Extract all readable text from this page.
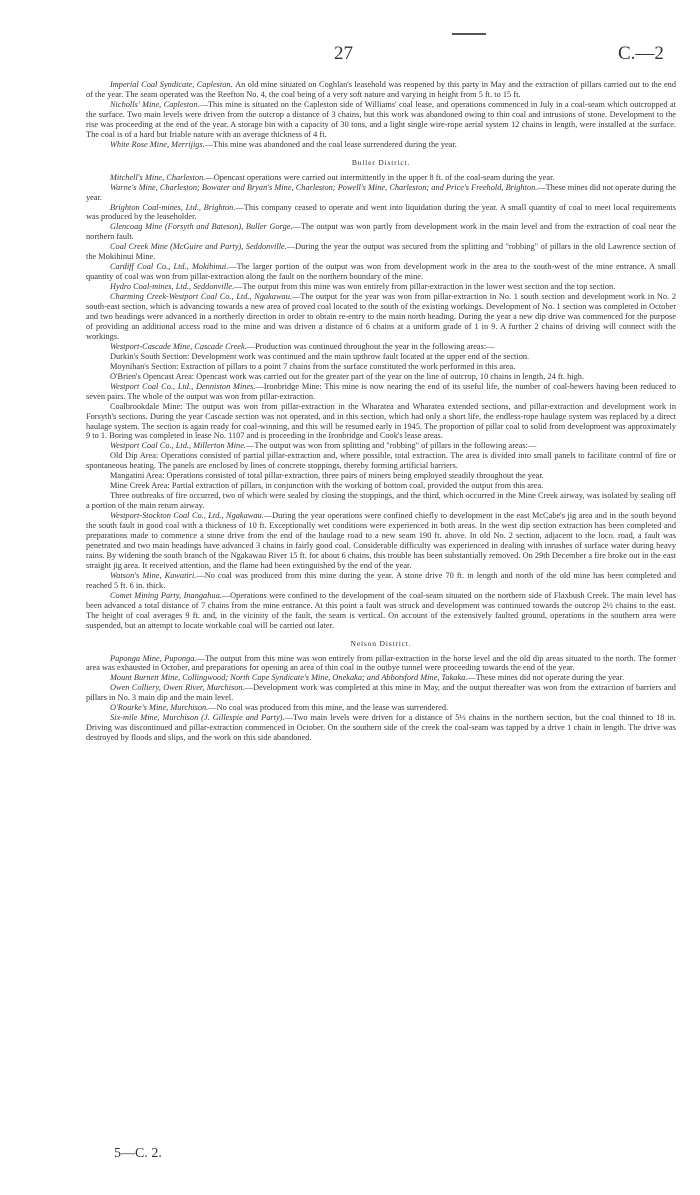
27	C.—2

Imperial Coal Syndicate, Capleston. An old mine situated on Coghlan's leasehold was reopened by this party in May and the extraction of pillars carried out to the end of the year. The seam operated was the Reefton No. 4, the coal being of a very soft nature and varying in height from 5 ft. to 15 ft.

Nicholls' Mine, Capleston.—This mine is situated on the Capleston side of Williams' coal lease, and operations commenced in July in a coal-seam which outcropped at the surface. Two main levels were driven from the outcrop a distance of 3 chains, but this work was abandoned owing to thin coal and intrusions of stone. Development to the rise was proceeding at the end of the year. A storage bin with a capacity of 30 tons, and a light single wire-rope aerial system 12 chains in length, were installed at the surface. The coal is of a hard but friable nature with an average thickness of 4 ft.

White Rose Mine, Merrijigs.—This mine was abandoned and the coal lease surrendered during the year.

Buller District.

Mitchell's Mine, Charleston.—Opencast operations were carried out intermittently in the upper 8 ft. of the coal-seam during the year.

Warne's Mine, Charleston; Bowater and Bryan's Mine, Charleston; Powell's Mine, Charleston; and Price's Freehold, Brighton.—These mines did not operate during the year.

Brighton Coal-mines, Ltd., Brighton.—This company ceased to operate and went into liquidation during the year. A small quantity of coal to meet local requirements was produced by the leaseholder.

Glencoag Mine (Forsyth and Bateson), Buller Gorge.—The output was won partly from development work in the main level and from the extraction of coal near the northern fault.

Coal Creek Mine (McGuire and Party), Seddonville.—During the year the output was secured from the splitting and "robbing" of pillars in the old Lawrence section of the Mokihinui Mine.

Cardiff Coal Co., Ltd., Mokihinui.—The larger portion of the output was won from development work in the area to the south-west of the mine entrance. A small quantity of coal was won from pillar-extraction along the fault on the northern boundary of the mine.

Hydro Coal-mines, Ltd., Seddonville.—The output from this mine was won entirely from pillar-extraction in the lower west section and the top section.

Charming Creek-Westport Coal Co., Ltd., Ngakawau.—The output for the year was won from pillar-extraction in No. 1 south section and development work in No. 2 south-east section, which is advancing towards a new area of proved coal located to the south of the existing workings. Development of No. 1 section was completed in October and two headings were advanced in a northerly direction in order to obtain re-entry to the main north heading. During the year a new dip drive was commenced for the purpose of providing an additional access road to the mine and was driven a distance of 6 chains at a uniform grade of 1 in 9. A further 2 chains of driving will connect with the workings.

Westport-Cascade Mine, Cascade Creek.—Production was continued throughout the year in the following areas:—

Durkin's South Section: Development work was continued and the main upthrow fault located at the upper end of the section.

Moynihan's Section: Extraction of pillars to a point 7 chains from the surface constituted the work performed in this area.

O'Brien's Opencast Area: Opencast work was carried out for the greater part of the year on the line of outcrop, 10 chains in length, 24 ft. high.

Westport Coal Co., Ltd., Denniston Mines.—Ironbridge Mine: This mine is now nearing the end of its useful life, the number of coal-hewers having been reduced to seven pairs. The whole of the output was won from pillar-extraction.

Coalbrookdale Mine: The output was won from pillar-extraction in the Wharatea and Wharatea extended sections, and pillar-extraction and development work in Forsyth's sections. During the year Cascade section was not operated, and in this section, which had only a short life, the endless-rope haulage system was replaced by a direct haulage system. The section is again ready for coal-winning, and this will be resumed early in 1945. The proportion of pillar coal to solid from development was approximately 9 to 1. Boring was completed in lease No. 1107 and is proceeding in the Ironbridge and Cook's lease areas.

Westport Coal Co., Ltd., Millerton Mine.—The output was won from splitting and "robbing" of pillars in the following areas:—

Old Dip Area: Operations consisted of partial pillar-extraction and, where possible, total extraction. The area is divided into small panels to facilitate control of fire or spontaneous heating. The panels are enclosed by lines of concrete stoppings, thereby forming artificial barriers.

Mangatini Area: Operations consisted of total pillar-extraction, three pairs of miners being employed steadily throughout the year.

Mine Creek Area: Partial extraction of pillars, in conjunction with the working of bottom coal, provided the output from this area.

Three outbreaks of fire occurred, two of which were sealed by closing the stoppings, and the third, which occurred in the Mine Creek airway, was isolated by sealing off a portion of the main return airway.

Westport-Stockton Coal Co., Ltd., Ngakawau.—During the year operations were confined chiefly to development in the east McCabe's jig area and in the south beyond the south fault in good coal with a thickness of 10 ft. Exceptionally wet conditions were experienced in both areas. In the west dip section extraction has been completed and preparations made to commence a stone drive from the end of the haulage road to a new seam 190 ft. above. In old No. 2 section, adjacent to the loco. road, a fault was penetrated and two main headings have advanced 3 chains in fairly good coal. Considerable difficulty was experienced in dealing with inrushes of surface water during heavy rains. By widening the south branch of the Ngakawau River 15 ft. for about 6 chains, this trouble has been substantially removed. On 29th December a fire broke out in the east straight jig area. It received attention, and the flame had been extinguished by the end of the year.

Watson's Mine, Kawatiri.—No coal was produced from this mine during the year. A stone drive 70 ft. in length and north of the old mine has been completed and reached 5 ft. 6 in. thick.

Comet Mining Party, Inangahua.—Operations were confined to the development of the coal-seam situated on the northern side of Flaxbush Creek. The main level has been advanced a total distance of 7 chains from the mine entrance. At this point a fault was struck and development was continued towards the outcrop 2½ chains to the east. The height of coal averages 9 ft. and, in the vicinity of the fault, the seam is vertical. On account of the extensively faulted ground, operations in the southern area were suspended, but an attempt to locate workable coal will be carried out later.

Nelson District.

Puponga Mine, Puponga.—The output from this mine was won entirely from pillar-extraction in the horse level and the old dip areas situated to the north. The former area was exhausted in October, and preparations for opening an area of thin coal in the outbye tunnel were proceeding towards the end of the year.

Mount Burnett Mine, Collingwood; North Cape Syndicate's Mine, Onekaka; and Abbotsford Mine, Takaka.—These mines did not operate during the year.

Owen Colliery, Owen River, Murchison.—Development work was completed at this mine in May, and the output thereafter was won from the extraction of barriers and pillars in No. 3 main dip and the main level.

O'Rourke's Mine, Murchison.—No coal was produced from this mine, and the lease was surrendered.

Six-mile Mine, Murchison (J. Gillespie and Party).—Two main levels were driven for a distance of 5½ chains in the northern section, but the coal thinned to 18 in. Driving was discontinued and pillar-extraction commenced in October. On the southern side of the creek the coal-seam was tapped by a drive 1 chain in length. The drive was destroyed by floods and slips, and the work on this side abandoned.

5—C. 2.
